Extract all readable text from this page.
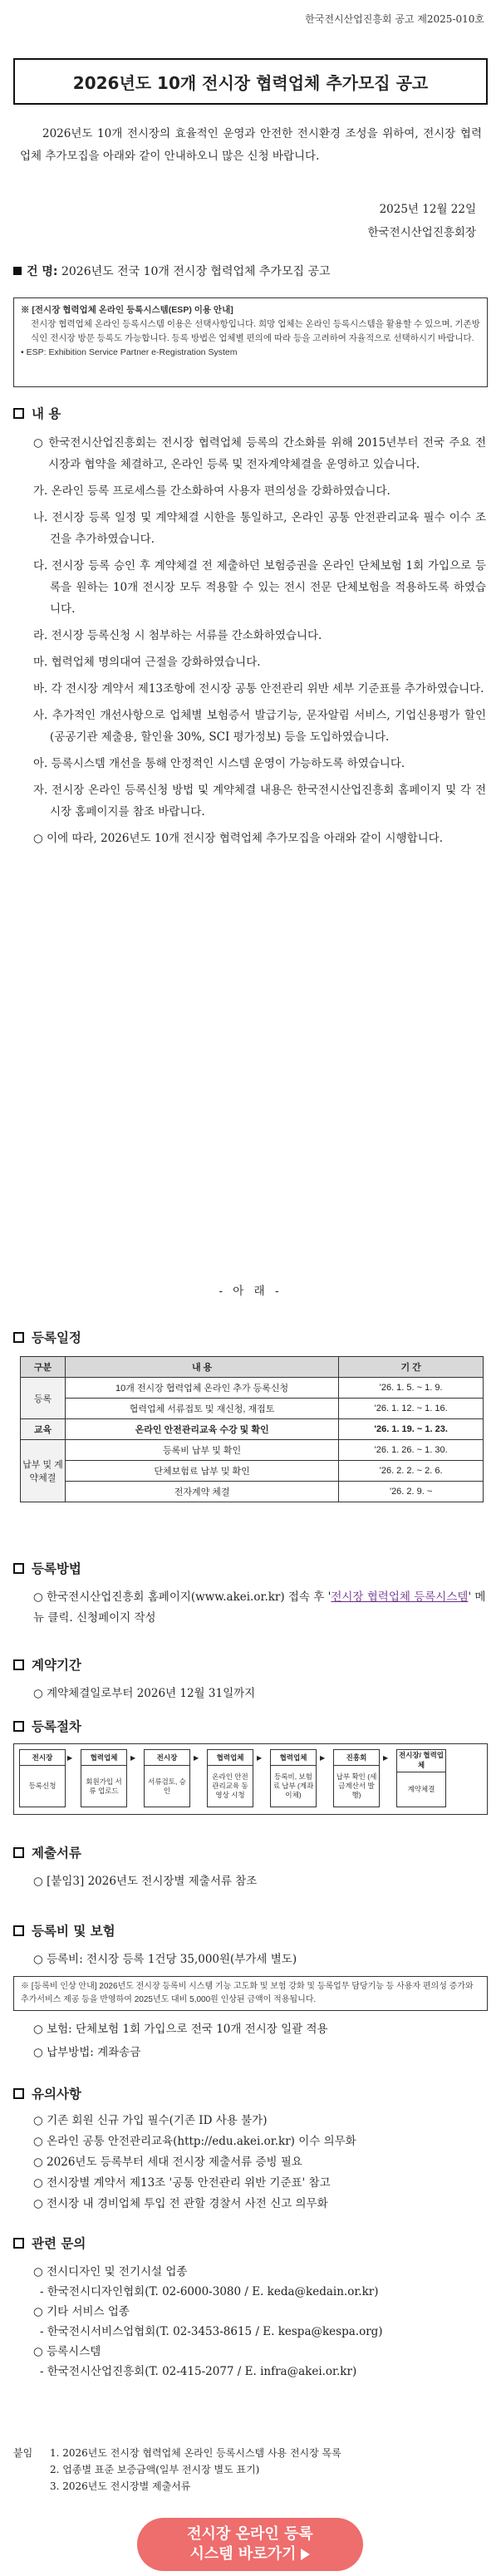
한국전시산업진흥회 공고 제2025-010호
2026년도 10개 전시장 협력업체 추가모집 공고
2026년도 10개 전시장의 효율적인 운영과 안전한 전시환경 조성을 위하여, 전시장 협력업체 추가모집을 아래와 같이 안내하오니 많은 신청 바랍니다.
2025년 12월 22일
한국전시산업진흥회장
건 명: 2026년도 전국 10개 전시장 협력업체 추가모집 공고
※ [전시장 협력업체 온라인 등록시스템(ESP) 이용 안내]
전시장 협력업체 온라인 등록시스템 이용은 선택사항입니다. 희망 업체는 온라인 등록시스템을 활용할 수 있으며, 기존방식인 전시장 방문 등록도 가능합니다. 등록 방법은 업체별 편의에 따라 등을 고려하여 자율적으로 선택하시기 바랍니다.
• ESP: Exhibition Service Partner e-Registration System
내 용

○ 한국전시산업진흥회는 전시장 협력업체 등록의 간소화를 위해 2015년부터 전국 주요 전시장과 협약을 체결하고, 온라인 등록 및 전자계약체결을 운영하고 있습니다.

가. 온라인 등록 프로세스를 간소화하여 사용자 편의성을 강화하였습니다.

나. 전시장 등록 일정 및 계약체결 시한을 통일하고, 온라인 공통 안전관리교육 필수 이수 조건을 추가하였습니다.

다. 전시장 등록 승인 후 계약체결 전 제출하던 보험증권을 온라인 단체보험 1회 가입으로 등록을 원하는 10개 전시장 모두 적용할 수 있는 전시 전문 단체보험을 적용하도록 하였습니다.

라. 전시장 등록신청 시 첨부하는 서류를 간소화하였습니다.

마. 협력업체 명의대여 근절을 강화하였습니다.

바. 각 전시장 계약서 제13조항에 전시장 공통 안전관리 위반 세부 기준표를 추가하였습니다.

사. 추가적인 개선사항으로 업체별 보험증서 발급기능, 문자알림 서비스, 기업신용평가 할인(공공기관 제출용, 할인율 30%, SCI 평가정보) 등을 도입하였습니다.

아. 등록시스템 개선을 통해 안정적인 시스템 운영이 가능하도록 하였습니다.

자. 전시장 온라인 등록신청 방법 및 계약체결 내용은 한국전시산업진흥회 홈페이지 및 각 전시장 홈페이지를 참조 바랍니다.

○ 이에 따라, 2026년도 10개 전시장 협력업체 추가모집을 아래와 같이 시행합니다.

- 아 래 -
등록일정
구분	내 용	기 간
등록	10개 전시장 협력업체 온라인 추가 등록신청	'26. 1. 5. ~ 1. 9.
	협력업체 서류접토 및 재신청, 재접토	'26. 1. 12. ~ 1. 16.
교육	온라인 안전관리교육 수강 및 확인	'26. 1. 19. ~ 1. 23.
납부 및 계약체결	등록비 납부 및 확인	'26. 1. 26. ~ 1. 30.
	단체보험료 납부 및 확인	'26. 2. 2. ~ 2. 6.
	전자계약 체결	'26. 2. 9. ~
등록방법
○ 한국전시산업진흥회 홈페이지(www.akei.or.kr) 접속 후 '전시장 협력업체 등록시스템' 메뉴 클릭. 신청페이지 작성
계약기간
○ 계약체결일로부터 2026년 12월 31일까지
등록절차
전시장
등록신청
▶	협력업체
회원가입 서류 업로드
▶	전시장
서류검토, 승인
▶	협력업체
온라인 안전관리교육 동영상 시청
▶	협력업체
등록비, 보험료 납부 (계좌이체)
▶	진흥회
납부 확인 (세금계산서 발행)
▶	전시장/ 협력업체
계약체결
제출서류
○ [붙임3] 2026년도 전시장별 제출서류 참조
등록비 및 보험
○ 등록비: 전시장 등록 1건당 35,000원(부가세 별도)
※ [등록비 인상 안내] 2026년도 전시장 등록비 시스템 기능 고도화 및 보험 강화 및 등록업무 담당기능 등 사용자 편의성 증가와 추가서비스 제공 등을 반영하여 2025년도 대비 5,000원 인상된 금액이 적용됩니다.
○ 보험: 단체보험 1회 가입으로 전국 10개 전시장 일괄 적용
○ 납부방법: 계좌송금
유의사항
○ 기존 회원 신규 가입 필수(기존 ID 사용 불가)
○ 온라인 공통 안전관리교육(http://edu.akei.or.kr) 이수 의무화
○ 2026년도 등록부터 세대 전시장 제출서류 증빙 필요
○ 전시장별 계약서 제13조 '공통 안전관리 위반 기준표' 참고
○ 전시장 내 경비업체 투입 전 관할 경찰서 사전 신고 의무화
관련 문의
○ 전시디자인 및 전기시설 업종
- 한국전시디자인협회(T. 02-6000-3080 / E. keda@kedain.or.kr)
○ 기타 서비스 업종
- 한국전시서비스업협회(T. 02-3453-8615 / E. kespa@kespa.org)
○ 등록시스템
- 한국전시산업진흥회(T. 02-415-2077 / E. infra@akei.or.kr)
붙임	1. 2026년도 전시장 협력업체 온라인 등록시스템 사용 전시장 목록
2. 업종별 표준 보증금액(일부 전시장 별도 표기)
3. 2026년도 전시장별 제출서류
전시장 온라인 등록
시스템 바로가기
